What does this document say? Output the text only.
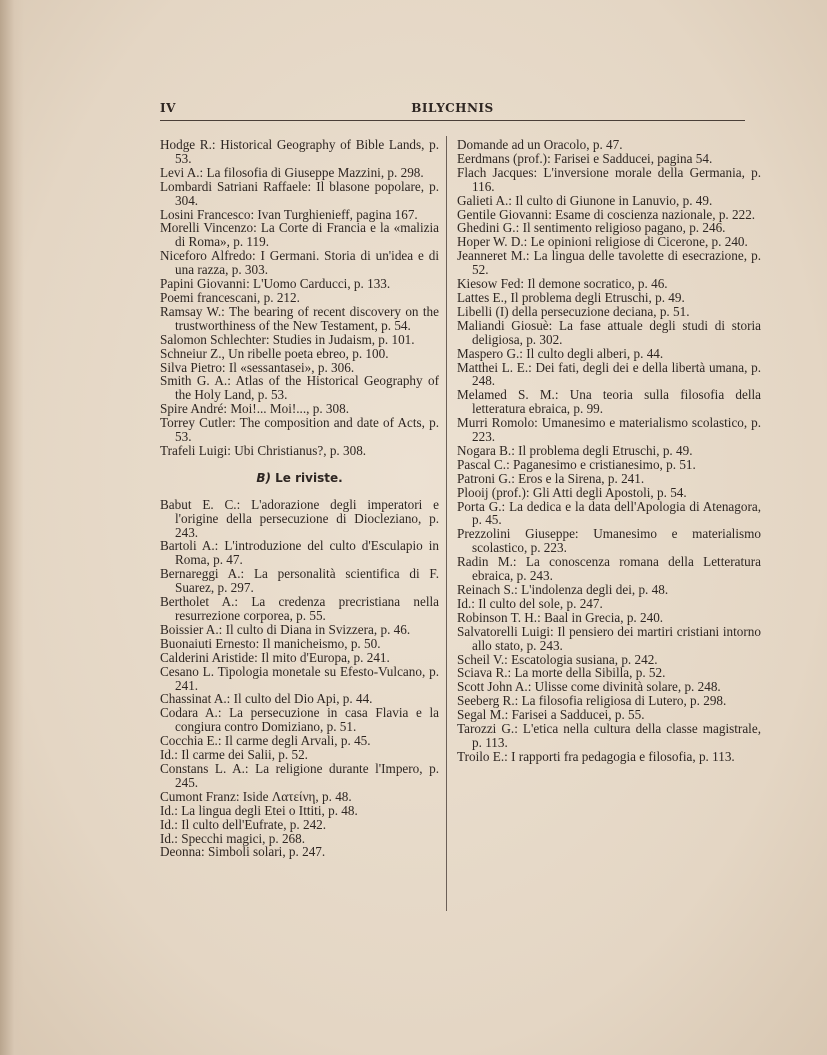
IV	BILYCHNIS
Hodge R.: Historical Geography of Bible Lands, p. 53.
Levi A.: La filosofia di Giuseppe Mazzini, p. 298.
Lombardi Satriani Raffaele: Il blasone popolare, p. 304.
Losini Francesco: Ivan Turghienieff, pagina 167.
Morelli Vincenzo: La Corte di Francia e la «malizia di Roma», p. 119.
Niceforo Alfredo: I Germani. Storia di un'idea e di una razza, p. 303.
Papini Giovanni: L'Uomo Carducci, p. 133.
Poemi francescani, p. 212.
Ramsay W.: The bearing of recent discovery on the trustworthiness of the New Testament, p. 54.
Salomon Schlechter: Studies in Judaism, p. 101.
Schneiur Z., Un ribelle poeta ebreo, p. 100.
Silva Pietro: Il «sessantasei», p. 306.
Smith G. A.: Atlas of the Historical Geography of the Holy Land, p. 53.
Spire André: Moi!... Moi!..., p. 308.
Torrey Cutler: The composition and date of Acts, p. 53.
Trafeli Luigi: Ubi Christianus?, p. 308.
B) Le riviste.
Babut E. C.: L'adorazione degli imperatori e l'origine della persecuzione di Diocleziano, p. 243.
Bartoli A.: L'introduzione del culto d'Esculapio in Roma, p. 47.
Bernareggi A.: La personalità scientifica di F. Suarez, p. 297.
Bertholet A.: La credenza precristiana nella resurrezione corporea, p. 55.
Boissier A.: Il culto di Diana in Svizzera, p. 46.
Buonaiuti Ernesto: Il manicheismo, p. 50.
Calderini Aristide: Il mito d'Europa, p. 241.
Cesano L. Tipologia monetale su Efesto-Vulcano, p. 241.
Chassinat A.: Il culto del Dio Api, p. 44.
Codara A.: La persecuzione in casa Flavia e la congiura contro Domiziano, p. 51.
Cocchia E.: Il carme degli Arvali, p. 45.
Id.: Il carme dei Salii, p. 52.
Constans L. A.: La religione durante l'Impero, p. 245.
Cumont Franz: Iside Λατείνη, p. 48.
Id.: La lingua degli Etei o Ittiti, p. 48.
Id.: Il culto dell'Eufrate, p. 242.
Id.: Specchi magici, p. 268.
Deonna: Simboli solari, p. 247.
Domande ad un Oracolo, p. 47.
Eerdmans (prof.): Farisei e Sadducei, pagina 54.
Flach Jacques: L'inversione morale della Germania, p. 116.
Galieti A.: Il culto di Giunone in Lanuvio, p. 49.
Gentile Giovanni: Esame di coscienza nazionale, p. 222.
Ghedini G.: Il sentimento religioso pagano, p. 246.
Hoper W. D.: Le opinioni religiose di Cicerone, p. 240.
Jeanneret M.: La lingua delle tavolette di esecrazione, p. 52.
Kiesow Fed: Il demone socratico, p. 46.
Lattes E., Il problema degli Etruschi, p. 49.
Libelli (I) della persecuzione deciana, p. 51.
Maliandi Giosuè: La fase attuale degli studi di storia deligiosa, p. 302.
Maspero G.: Il culto degli alberi, p. 44.
Matthei L. E.: Dei fati, degli dei e della libertà umana, p. 248.
Melamed S. M.: Una teoria sulla filosofia della letteratura ebraica, p. 99.
Murri Romolo: Umanesimo e materialismo scolastico, p. 223.
Nogara B.: Il problema degli Etruschi, p. 49.
Pascal C.: Paganesimo e cristianesimo, p. 51.
Patroni G.: Eros e la Sirena, p. 241.
Plooij (prof.): Gli Atti degli Apostoli, p. 54.
Porta G.: La dedica e la data dell'Apologia di Atenagora, p. 45.
Prezzolini Giuseppe: Umanesimo e materialismo scolastico, p. 223.
Radin M.: La conoscenza romana della Letteratura ebraica, p. 243.
Reinach S.: L'indolenza degli dei, p. 48.
Id.: Il culto del sole, p. 247.
Robinson T. H.: Baal in Grecia, p. 240.
Salvatorelli Luigi: Il pensiero dei martiri cristiani intorno allo stato, p. 243.
Scheil V.: Escatologia susiana, p. 242.
Sciava R.: La morte della Sibilla, p. 52.
Scott John A.: Ulisse come divinità solare, p. 248.
Seeberg R.: La filosofia religiosa di Lutero, p. 298.
Segal M.: Farisei a Sadducei, p. 55.
Tarozzi G.: L'etica nella cultura della classe magistrale, p. 113.
Troilo E.: I rapporti fra pedagogia e filosofia, p. 113.
